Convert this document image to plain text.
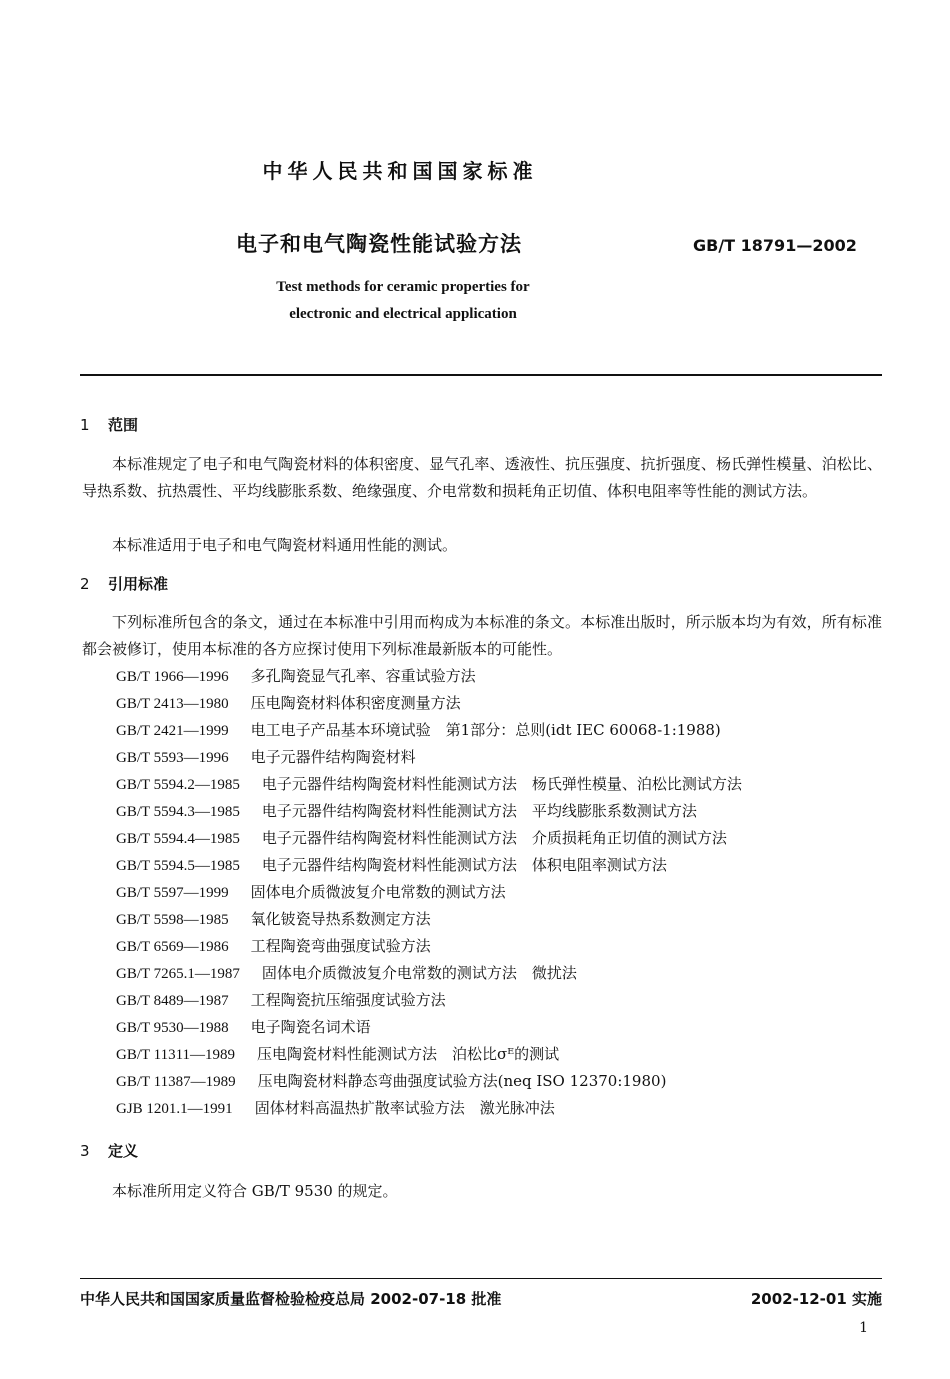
中华人民共和国国家标准
电子和电气陶瓷性能试验方法	GB/T 18791—2002
Test methods for ceramic properties for
electronic and electrical application
1 范围
本标准规定了电子和电气陶瓷材料的体积密度、显气孔率、透液性、抗压强度、抗折强度、杨氏弹性模量、泊松比、导热系数、抗热震性、平均线膨胀系数、绝缘强度、介电常数和损耗角正切值、体积电阻率等性能的测试方法。
本标准适用于电子和电气陶瓷材料通用性能的测试。
2 引用标准
下列标准所包含的条文，通过在本标准中引用而构成为本标准的条文。本标准出版时，所示版本均为有效，所有标准都会被修订，使用本标准的各方应探讨使用下列标准最新版本的可能性。
GB/T 1966—1996 多孔陶瓷显气孔率、容重试验方法
GB/T 2413—1980 压电陶瓷材料体积密度测量方法
GB/T 2421—1999 电工电子产品基本环境试验　第1部分：总则(idt IEC 60068-1:1988)
GB/T 5593—1996 电子元器件结构陶瓷材料
GB/T 5594.2—1985 电子元器件结构陶瓷材料性能测试方法　杨氏弹性模量、泊松比测试方法
GB/T 5594.3—1985 电子元器件结构陶瓷材料性能测试方法　平均线膨胀系数测试方法
GB/T 5594.4—1985 电子元器件结构陶瓷材料性能测试方法　介质损耗角正切值的测试方法
GB/T 5594.5—1985 电子元器件结构陶瓷材料性能测试方法　体积电阻率测试方法
GB/T 5597—1999 固体电介质微波复介电常数的测试方法
GB/T 5598—1985 氧化铍瓷导热系数测定方法
GB/T 6569—1986 工程陶瓷弯曲强度试验方法
GB/T 7265.1—1987 固体电介质微波复介电常数的测试方法　微扰法
GB/T 8489—1987 工程陶瓷抗压缩强度试验方法
GB/T 9530—1988 电子陶瓷名词术语
GB/T 11311—1989 压电陶瓷材料性能测试方法　泊松比σᴱ的测试
GB/T 11387—1989 压电陶瓷材料静态弯曲强度试验方法(neq ISO 12370:1980)
GJB 1201.1—1991 固体材料高温热扩散率试验方法　激光脉冲法
3 定义
本标准所用定义符合 GB/T 9530 的规定。
中华人民共和国国家质量监督检验检疫总局 2002-07-18 批准	2002-12-01 实施
1
